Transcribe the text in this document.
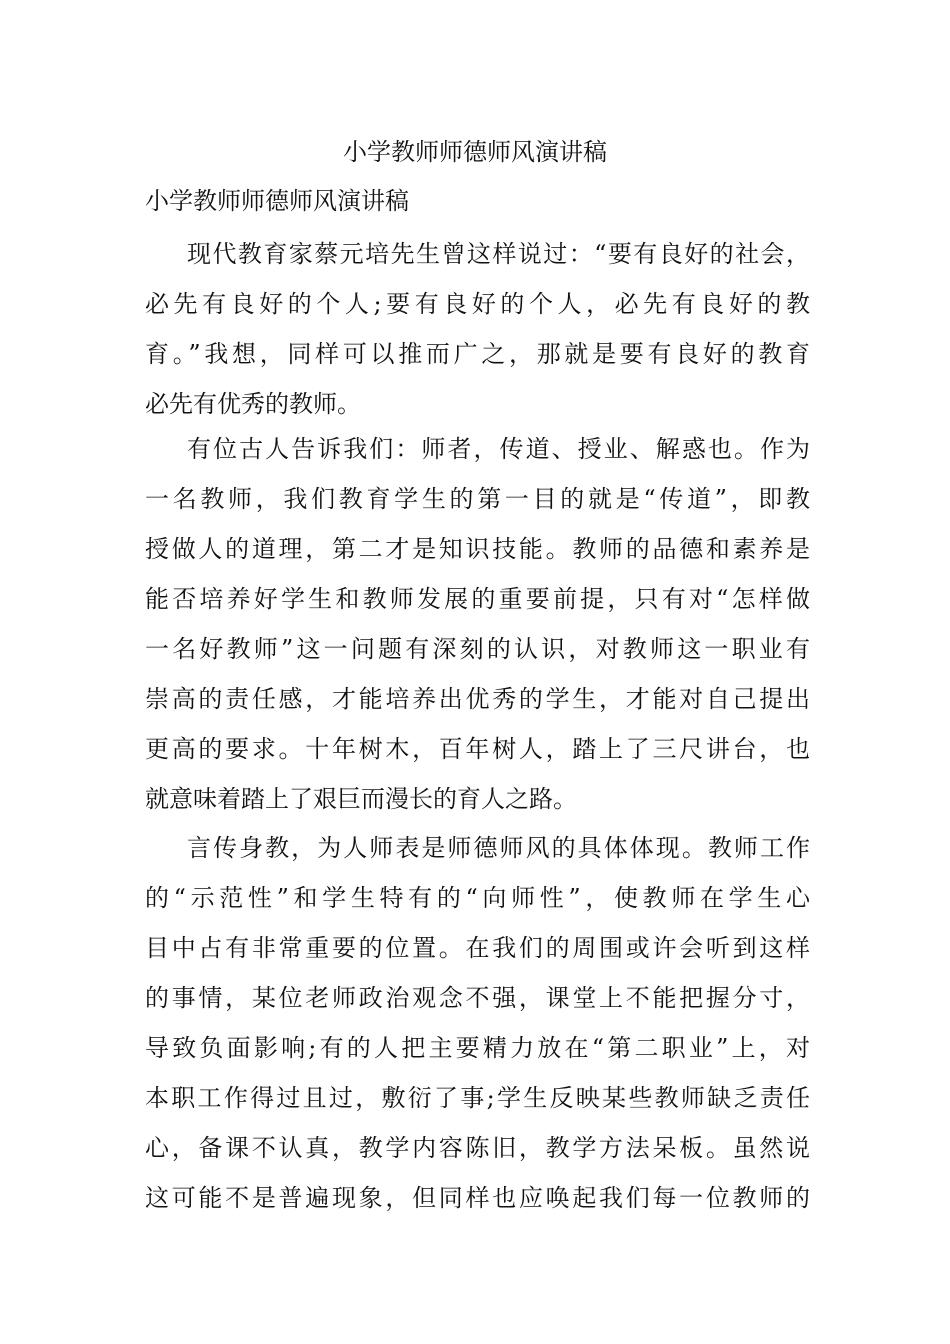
小学教师师德师风演讲稿

小学教师师德师风演讲稿

现代教育家蔡元培先生曾这样说过：“要有良好的社会，
必先有良好的个人;要有良好的个人，必先有良好的教
育。”我想，同样可以推而广之，那就是要有良好的教育
必先有优秀的教师。
有位古人告诉我们：师者，传道、授业、解惑也。作为
一名教师，我们教育学生的第一目的就是“传道”，即教
授做人的道理，第二才是知识技能。教师的品德和素养是
能否培养好学生和教师发展的重要前提，只有对“怎样做
一名好教师”这一问题有深刻的认识，对教师这一职业有
崇高的责任感，才能培养出优秀的学生，才能对自己提出
更高的要求。十年树木，百年树人，踏上了三尺讲台，也
就意味着踏上了艰巨而漫长的育人之路。
言传身教，为人师表是师德师风的具体体现。教师工作
的“示范性”和学生特有的“向师性”，使教师在学生心
目中占有非常重要的位置。在我们的周围或许会听到这样
的事情，某位老师政治观念不强，课堂上不能把握分寸，
导致负面影响;有的人把主要精力放在“第二职业”上，对
本职工作得过且过，敷衍了事;学生反映某些教师缺乏责任
心，备课不认真，教学内容陈旧，教学方法呆板。虽然说
这可能不是普遍现象，但同样也应唤起我们每一位教师的
